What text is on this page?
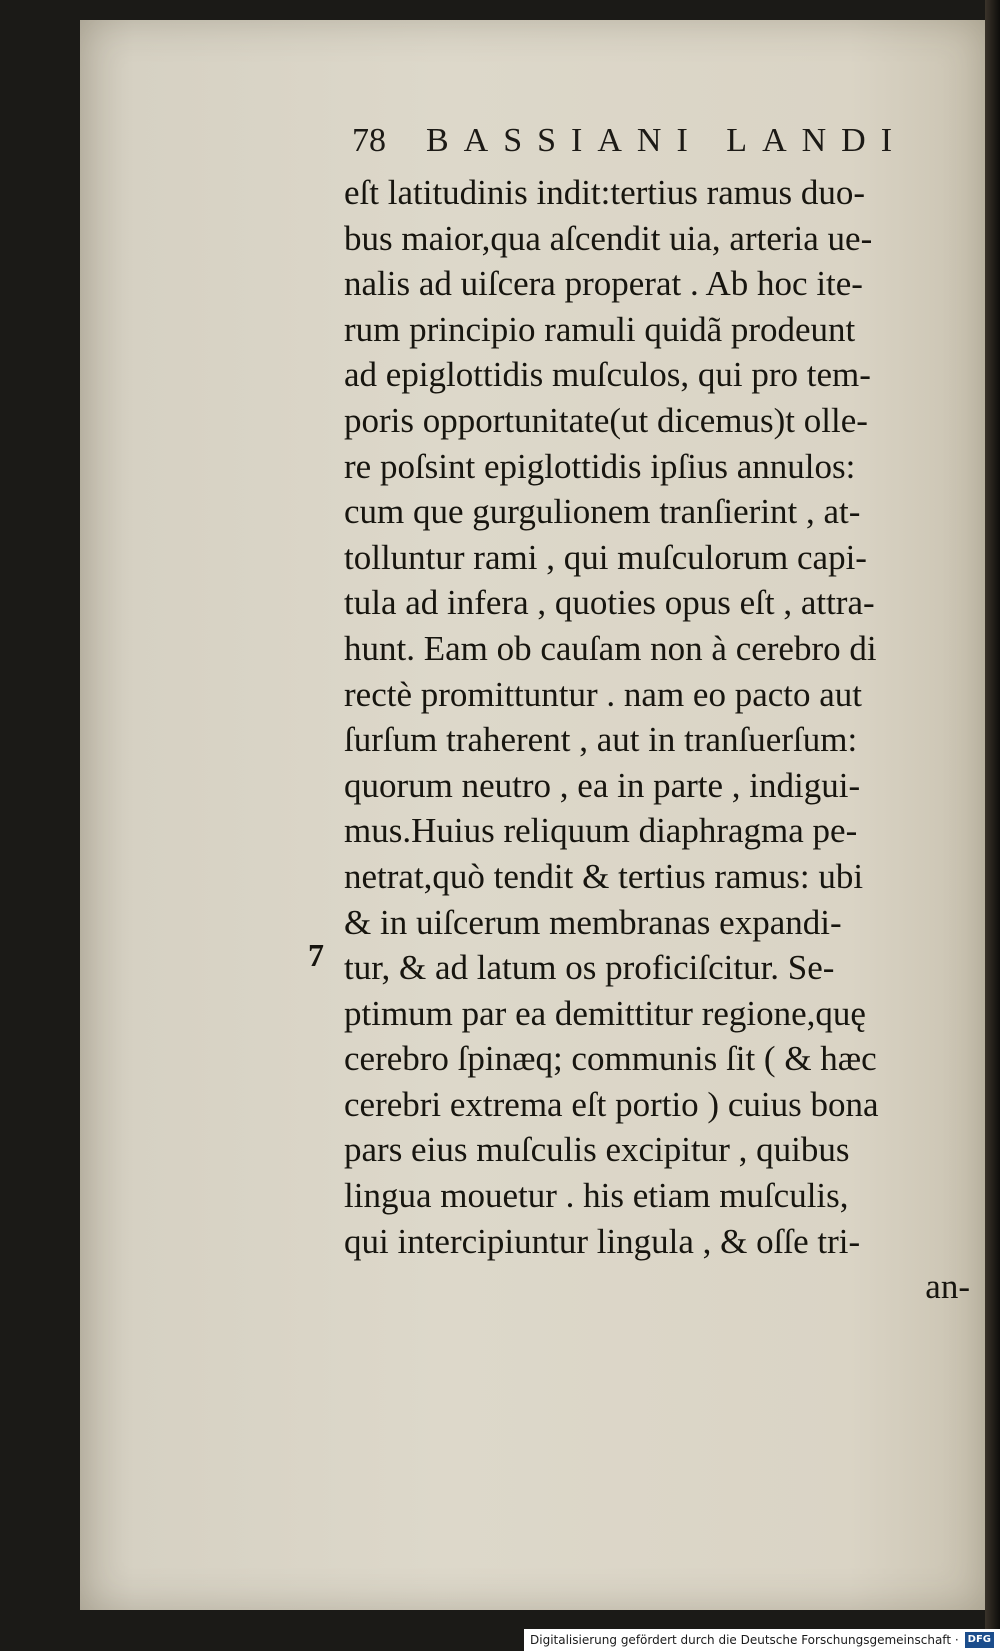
78 BASSIANI LANDI
7
eſt latitudinis indit:tertius ramus duo-
bus maior,qua aſcendit uia, arteria ue-
nalis ad uiſcera properat . Ab hoc ite-
rum principio ramuli quidã prodeunt
ad epiglottidis muſculos, qui pro tem-
poris opportunitate(ut dicemus)t olle-
re poſsint epiglottidis ipſius annulos:
cum que gurgulionem tranſierint , at-
tolluntur rami , qui muſculorum capi-
tula ad infera , quoties opus eſt , attra-
hunt. Eam ob cauſam non à cerebro di
rectè promittuntur . nam eo pacto aut
ſurſum traherent , aut in tranſuerſum:
quorum neutro , ea in parte , indigui-
mus.Huius reliquum diaphragma pe-
netrat,quò tendit & tertius ramus: ubi
& in uiſcerum membranas expandi-
tur, & ad latum os proficiſcitur. Se-
ptimum par ea demittitur regione,quę
cerebro ſpinæq; communis ſit ( & hæc
cerebri extrema eſt portio ) cuius bona
pars eius muſculis excipitur , quibus
lingua mouetur . his etiam muſculis,
qui intercipiuntur lingula , & oſſe tri-
an-
Digitalisierung gefördert durch die Deutsche Forschungsgemeinschaft · DFG
